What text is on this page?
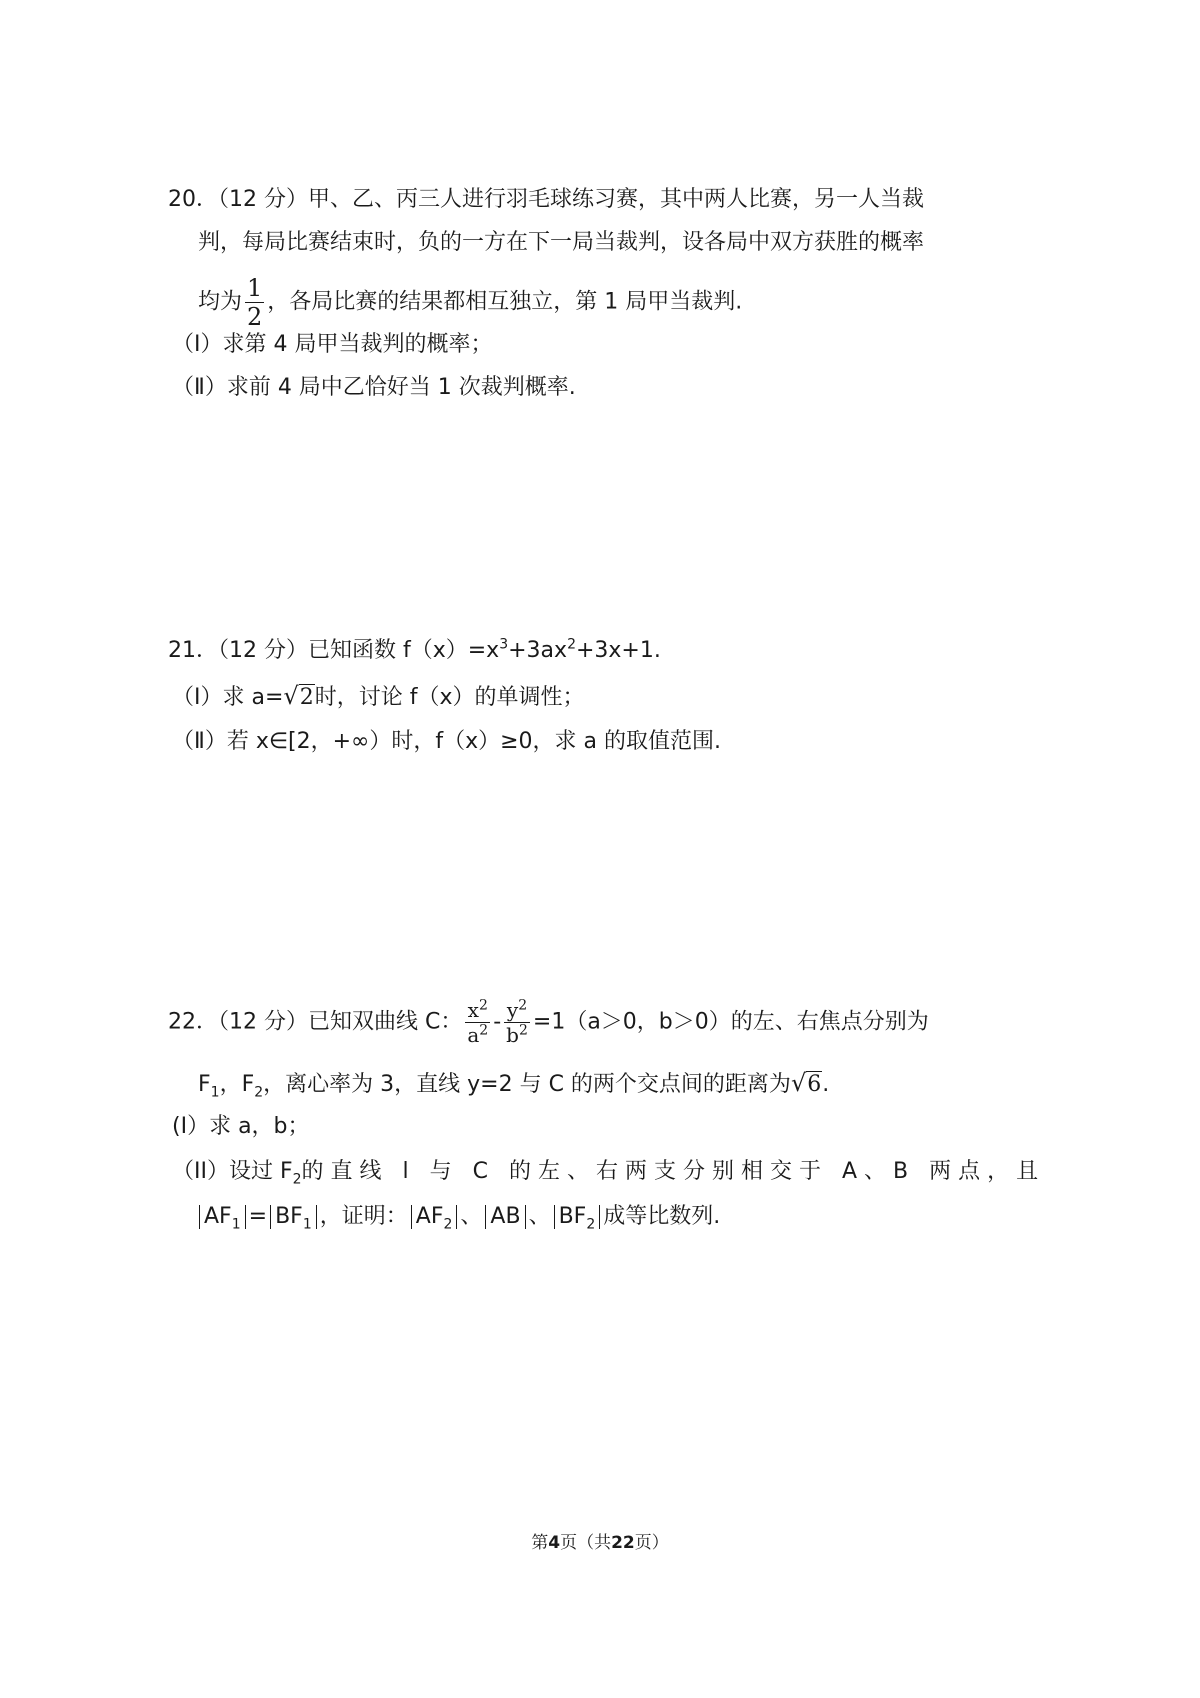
20．（12 分）甲、乙、丙三人进行羽毛球练习赛，其中两人比赛，另一人当裁
判，每局比赛结束时，负的一方在下一局当裁判，设各局中双方获胜的概率
均为 $\frac{1}{2}$ ，各局比赛的结果都相互独立，第 1 局甲当裁判.
（Ⅰ）求第 4 局甲当裁判的概率；
（Ⅱ）求前 4 局中乙恰好当 1 次裁判概率.
21．（12 分）已知函数 $f(x)=x^3+3ax^2+3x+1$.
（Ⅰ）求 a=√2时，讨论 f（x）的单调性；
（Ⅱ）若 x∈[2，+∞）时，f（x）≥0，求 a 的取值范围.
22．（12 分）已知双曲线 C： $\frac{x^2}{a^2} - \frac{y^2}{b^2} =1(a>0$，b＞0）的左、右焦点分别为
$F_1$，$F_2$，离心率为 3，直线 y=2 与 C 的两个交点间的距离为√6.
(I）求 a，b；
（II）设过 $F_2$的直线 l 与 C 的左、右两支分别相交于 A、B 两点，且
$AF_1 = BF_1$ ，证明： $AF_2$ 、 AB 、 $BF_2$ 成等比数列.
第4页（共22页）
